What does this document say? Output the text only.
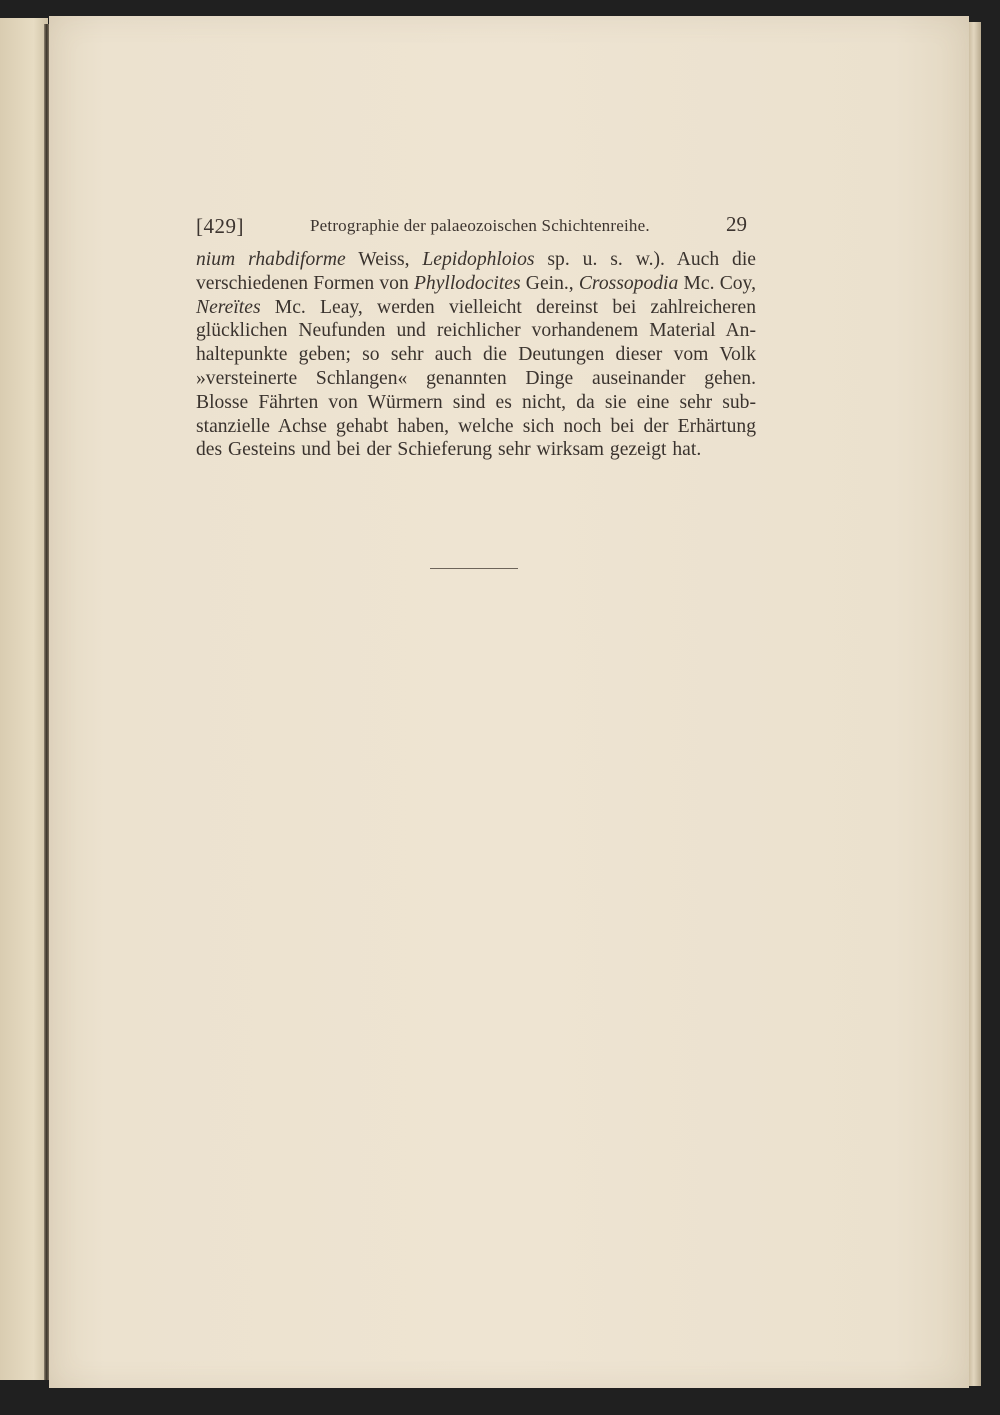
[429]	Petrographie der palaeozoischen Schichtenreihe.	29
nium rhabdiforme Weiss, Lepidophloios sp. u. s. w.). Auch die
verschiedenen Formen von Phyllodocites Gein., Crossopodia Mc. Coy,
Nereïtes Mc. Leay, werden vielleicht dereinst bei zahlreicheren
glücklichen Neufunden und reichlicher vorhandenem Material An-
haltepunkte geben; so sehr auch die Deutungen dieser vom Volk
»versteinerte Schlangen« genannten Dinge auseinander gehen.
Blosse Fährten von Würmern sind es nicht, da sie eine sehr sub-
stanzielle Achse gehabt haben, welche sich noch bei der Erhärtung
des Gesteins und bei der Schieferung sehr wirksam gezeigt hat.
